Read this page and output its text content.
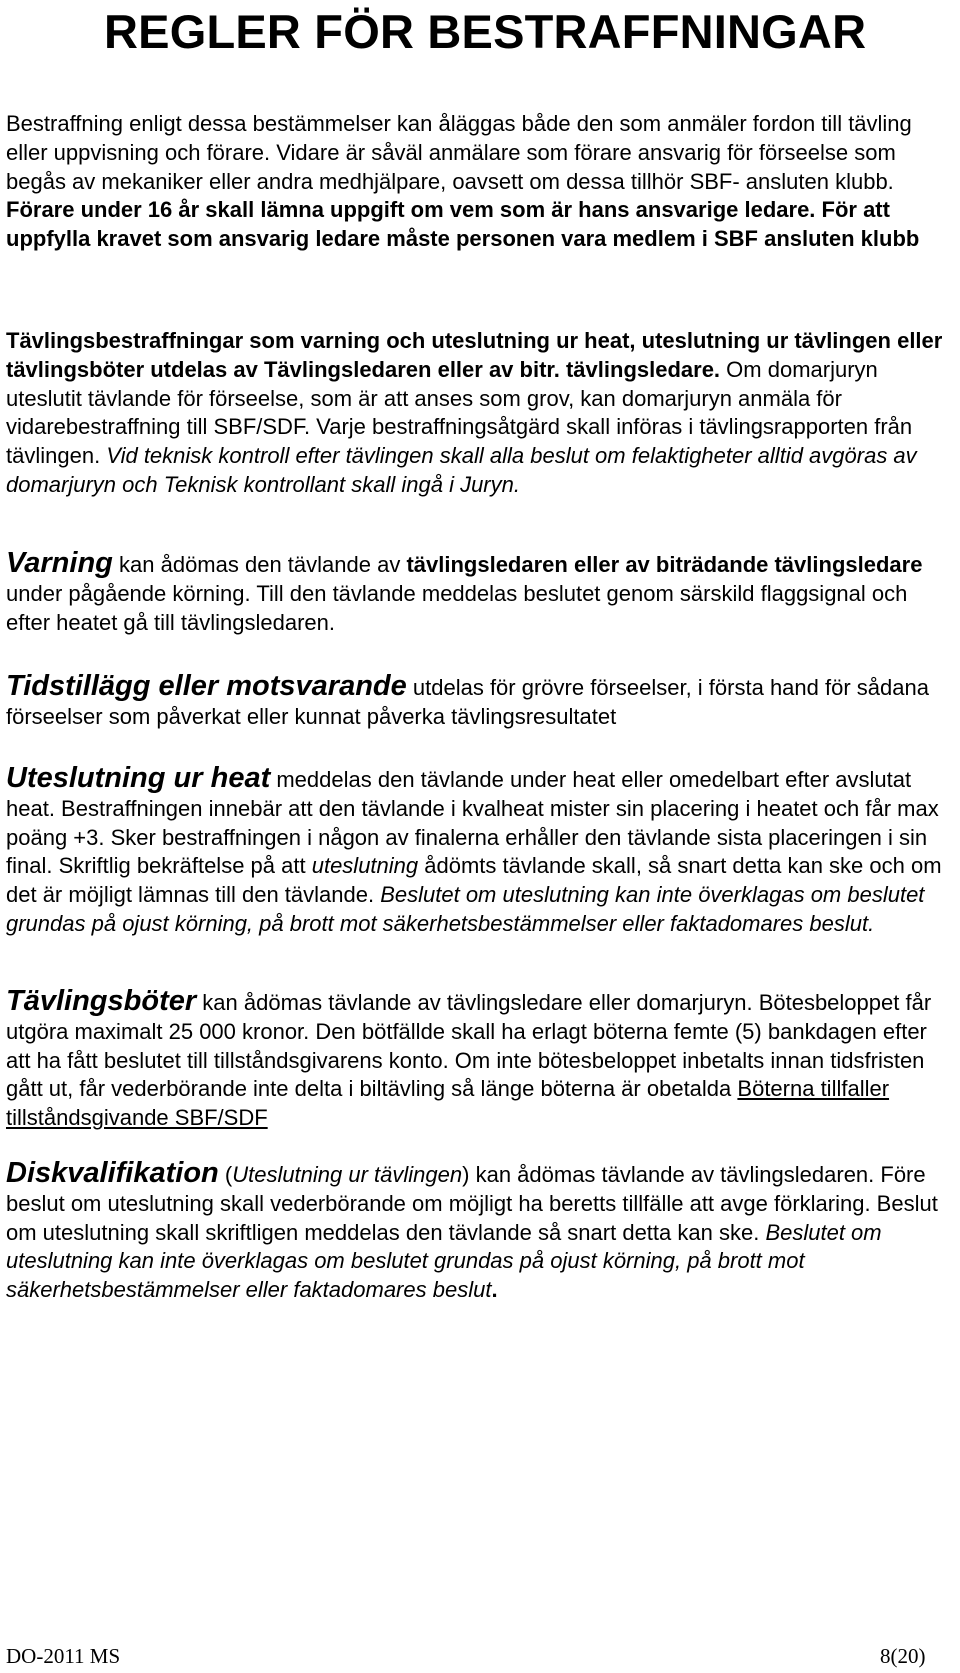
REGLER FÖR BESTRAFFNINGAR

Bestraffning enligt dessa bestämmelser kan åläggas både den som anmäler fordon till tävling eller uppvisning och förare. Vidare är såväl anmälare som förare ansvarig för förseelse som begås av mekaniker eller andra medhjälpare, oavsett om dessa tillhör SBF- ansluten klubb. Förare under 16 år skall lämna uppgift om vem som är hans ansvarige ledare. För att uppfylla kravet som ansvarig ledare måste personen vara medlem i SBF ansluten klubb

Tävlingsbestraffningar som varning och uteslutning ur heat, uteslutning ur tävlingen eller tävlingsböter utdelas av Tävlingsledaren eller av bitr. tävlingsledare. Om domarjuryn uteslutit tävlande för förseelse, som är att anses som grov, kan domarjuryn anmäla för vidarebestraffning till SBF/SDF. Varje bestraffningsåtgärd skall införas i tävlingsrapporten från tävlingen. Vid teknisk kontroll efter tävlingen skall alla beslut om felaktigheter alltid avgöras av domarjuryn och Teknisk kontrollant skall ingå i Juryn.

Varning kan ådömas den tävlande av tävlingsledaren eller av biträdande tävlingsledare under pågående körning. Till den tävlande meddelas beslutet genom särskild flaggsignal och efter heatet gå till tävlingsledaren.

Tidstillägg eller motsvarande utdelas för grövre förseelser, i första hand för sådana förseelser som påverkat eller kunnat påverka tävlingsresultatet

Uteslutning ur heat meddelas den tävlande under heat eller omedelbart efter avslutat heat. Bestraffningen innebär att den tävlande i kvalheat mister sin placering i heatet och får max poäng +3. Sker bestraffningen i någon av finalerna erhåller den tävlande sista placeringen i sin final. Skriftlig bekräftelse på att uteslutning ådömts tävlande skall, så snart detta kan ske och om det är möjligt lämnas till den tävlande. Beslutet om uteslutning kan inte överklagas om beslutet grundas på ojust körning, på brott mot säkerhetsbestämmelser eller faktadomares beslut.

Tävlingsböter kan ådömas tävlande av tävlingsledare eller domarjuryn. Bötesbeloppet får utgöra maximalt 25 000 kronor. Den bötfällde skall ha erlagt böterna femte (5) bankdagen efter att ha fått beslutet till tillståndsgivarens konto. Om inte bötesbeloppet inbetalts innan tidsfristen gått ut, får vederbörande inte delta i biltävling så länge böterna är obetalda Böterna tillfaller tillståndsgivande SBF/SDF

Diskvalifikation (Uteslutning ur tävlingen) kan ådömas tävlande av tävlingsledaren. Före beslut om uteslutning skall vederbörande om möjligt ha beretts tillfälle att avge förklaring. Beslut om uteslutning skall skriftligen meddelas den tävlande så snart detta kan ske. Beslutet om uteslutning kan inte överklagas om beslutet grundas på ojust körning, på brott mot säkerhetsbestämmelser eller faktadomares beslut.

DO-2011 MS	8(20)
